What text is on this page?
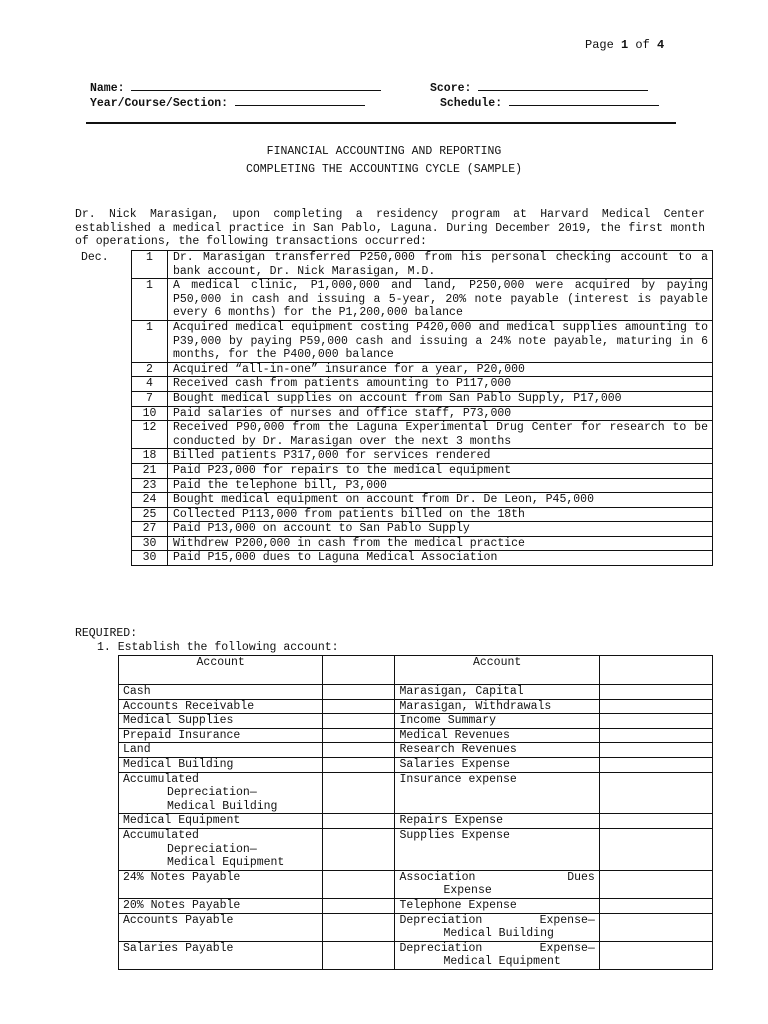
Page 1 of 4
Name:	Score:
Year/Course/Section:	Schedule:
FINANCIAL ACCOUNTING AND REPORTING
COMPLETING THE ACCOUNTING CYCLE (SAMPLE)

Dr. Nick Marasigan, upon completing a residency program at Harvard Medical Center established a medical practice in San Pablo, Laguna. During December 2019, the first month of operations, the following transactions occurred:

Dec.	1	Dr. Marasigan transferred P250,000 from his personal checking account to a bank account, Dr. Nick Marasigan, M.D.
	1	A medical clinic, P1,000,000 and land, P250,000 were acquired by paying P50,000 in cash and issuing a 5-year, 20% note payable (interest is payable every 6 months) for the P1,200,000 balance
	1	Acquired medical equipment costing P420,000 and medical supplies amounting to P39,000 by paying P59,000 cash and issuing a 24% note payable, maturing in 6 months, for the P400,000 balance
	2	Acquired “all-in-one” insurance for a year, P20,000
	4	Received cash from patients amounting to P117,000
	7	Bought medical supplies on account from San Pablo Supply, P17,000
	10	Paid salaries of nurses and office staff, P73,000
	12	Received P90,000 from the Laguna Experimental Drug Center for research to be conducted by Dr. Marasigan over the next 3 months
	18	Billed patients P317,000 for services rendered
	21	Paid P23,000 for repairs to the medical equipment
	23	Paid the telephone bill, P3,000
	24	Bought medical equipment on account from Dr. De Leon, P45,000
	25	Collected P113,000 from patients billed on the 18th
	27	Paid P13,000 on account to San Pablo Supply
	30	Withdrew P200,000 in cash from the medical practice
	30	Paid P15,000 dues to Laguna Medical Association
REQUIRED:
1. Establish the following account:
Account		Account	
Cash		Marasigan, Capital	
Accounts Receivable		Marasigan, Withdrawals	
Medical Supplies		Income Summary	
Prepaid Insurance		Medical Revenues	
Land		Research Revenues	
Medical Building		Salaries Expense	

Accumulated
Depreciation—
Medical Building		Insurance expense	
Medical Equipment		Repairs Expense	

Accumulated
Depreciation—
Medical Equipment		Supplies Expense	
24% Notes Payable		Association Dues
Expense	

20% Notes Payable		Telephone Expense	
Accounts Payable		Depreciation Expense—
Medical Building	

Salaries Payable		Depreciation Expense—
Medical Equipment	
